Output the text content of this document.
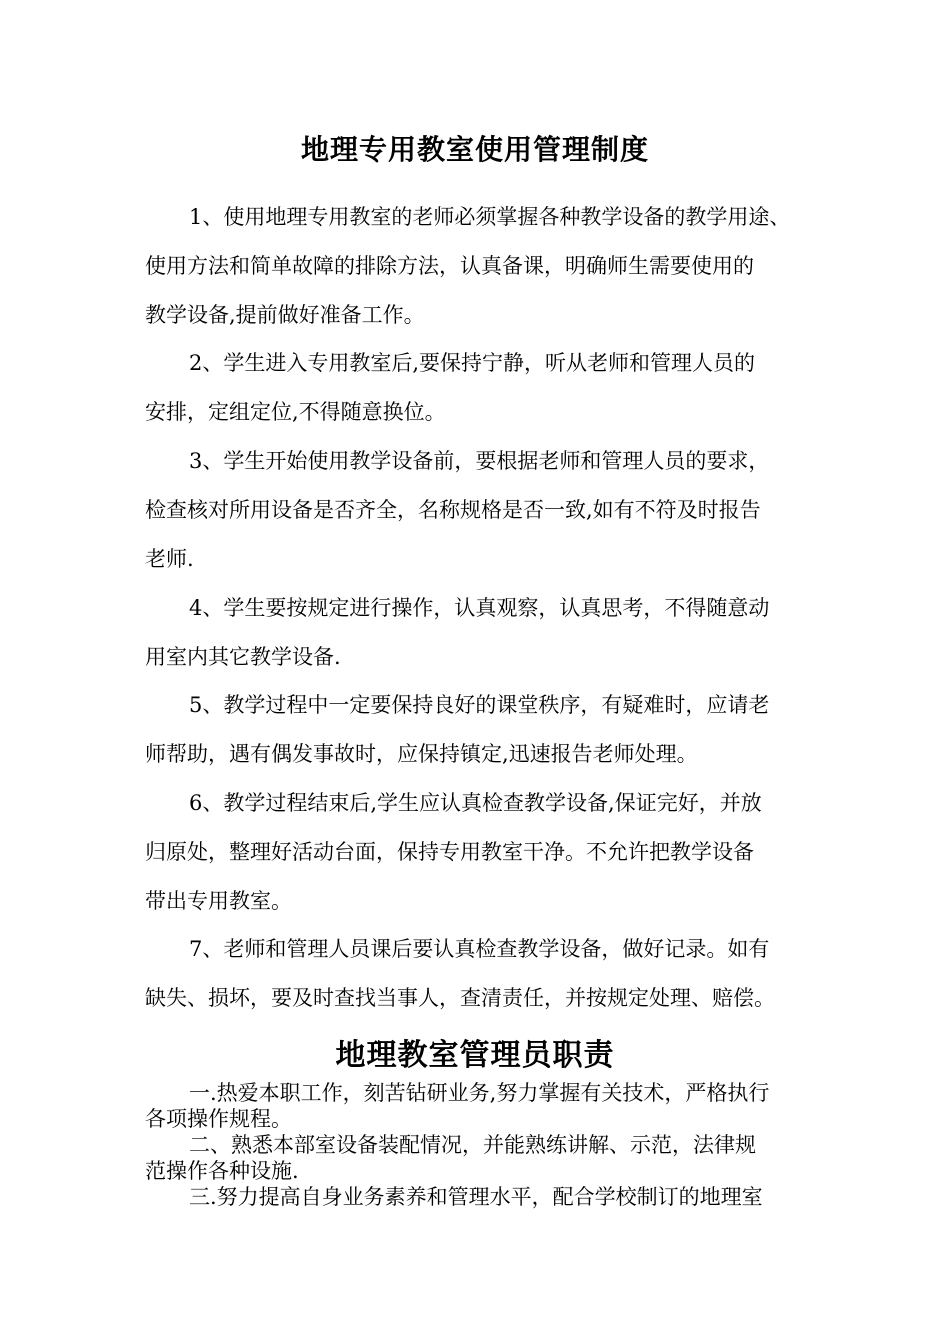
地理专用教室使用管理制度
1、使用地理专用教室的老师必须掌握各种教学设备的教学用途、
使用方法和简单故障的排除方法，认真备课，明确师生需要使用的
教学设备,提前做好准备工作。
2、学生进入专用教室后,要保持宁静，听从老师和管理人员的
安排，定组定位,不得随意换位。
3、学生开始使用教学设备前，要根据老师和管理人员的要求，
检查核对所用设备是否齐全，名称规格是否一致,如有不符及时报告
老师.
4、学生要按规定进行操作，认真观察，认真思考，不得随意动
用室内其它教学设备.
5、教学过程中一定要保持良好的课堂秩序，有疑难时，应请老
师帮助，遇有偶发事故时，应保持镇定,迅速报告老师处理。
6、教学过程结束后,学生应认真检查教学设备,保证完好，并放
归原处，整理好活动台面，保持专用教室干净。不允许把教学设备
带出专用教室。
7、老师和管理人员课后要认真检查教学设备，做好记录。如有
缺失、损坏，要及时查找当事人，查清责任，并按规定处理、赔偿。
地理教室管理员职责
一.热爱本职工作，刻苦钻研业务,努力掌握有关技术，严格执行
各项操作规程。
二、熟悉本部室设备装配情况，并能熟练讲解、示范，法律规
范操作各种设施.
三.努力提高自身业务素养和管理水平，配合学校制订的地理室
